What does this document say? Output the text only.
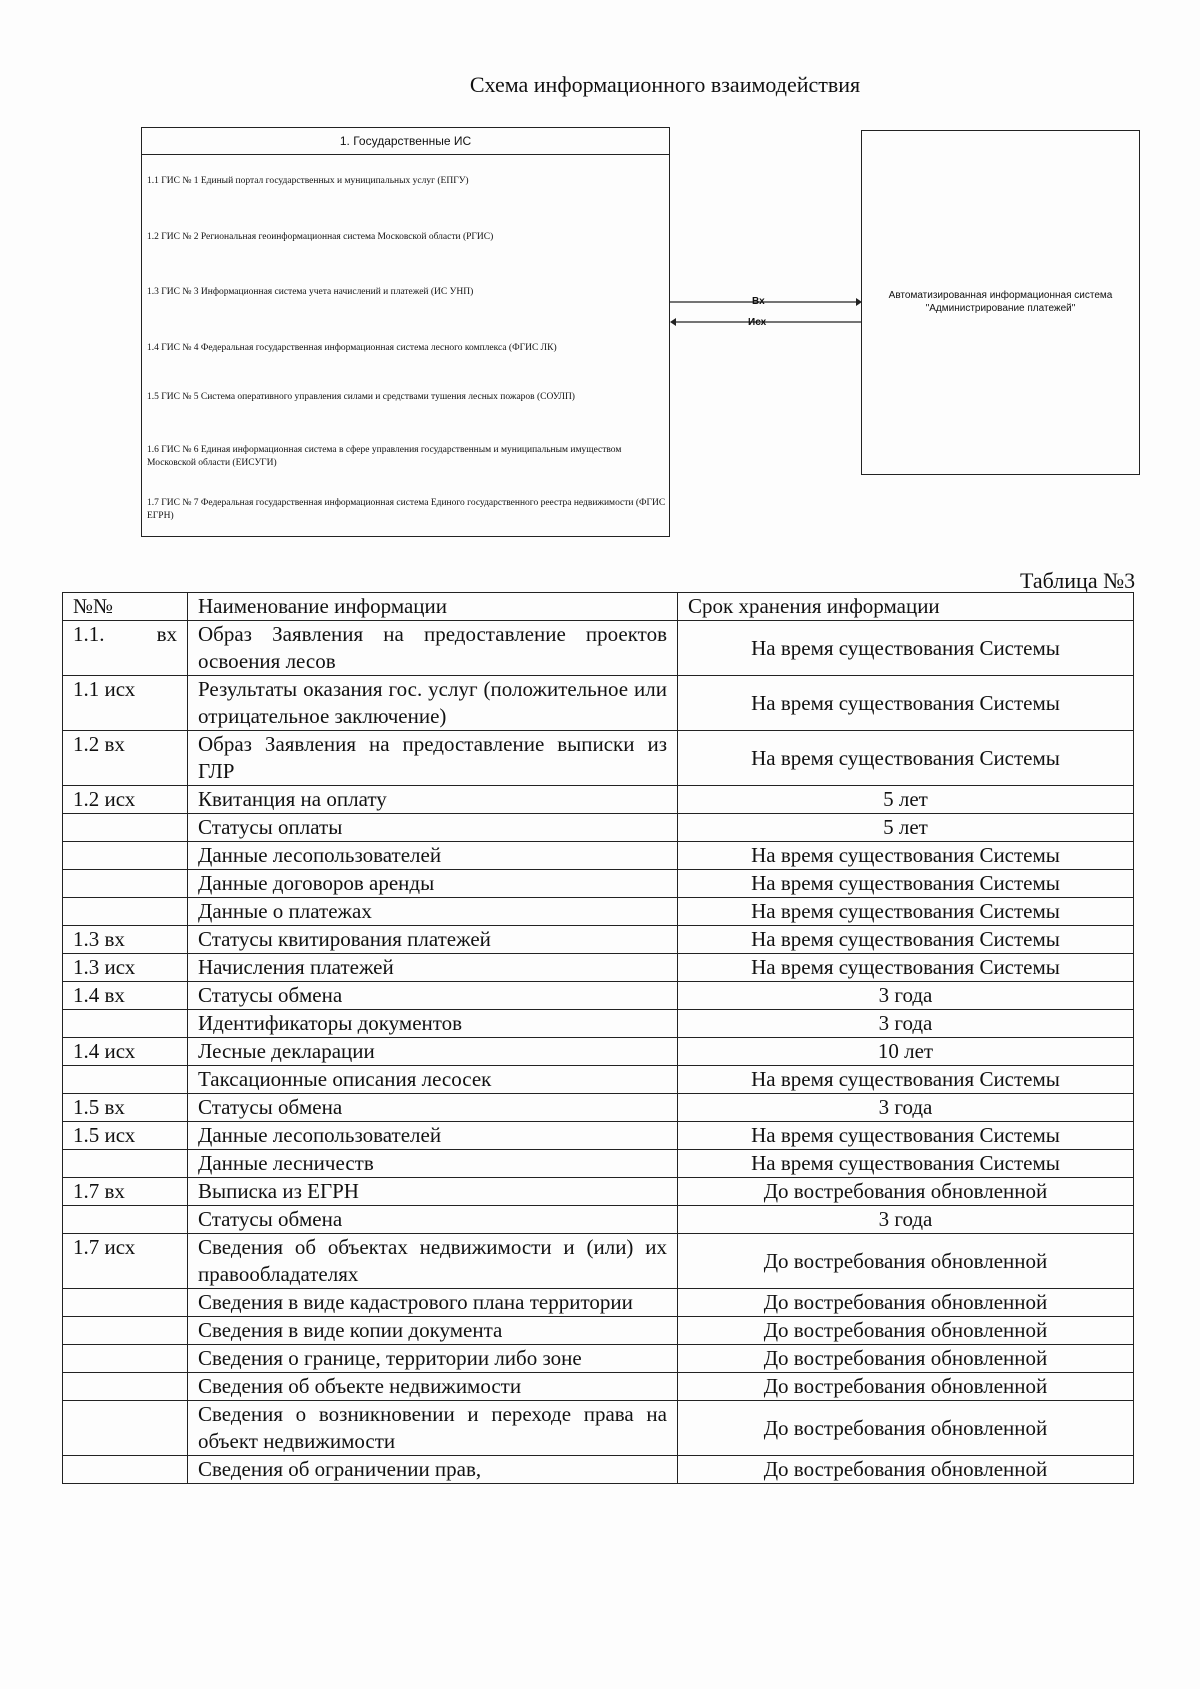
Схема информационного взаимодействия
1. Государственные ИС
1.1 ГИС № 1 Единый портал государственных и муниципальных услуг (ЕПГУ)
1.2 ГИС № 2 Региональная геоинформационная система Московской области (РГИС)
1.3 ГИС № 3 Информационная система учета начислений и платежей (ИС УНП)
1.4 ГИС № 4 Федеральная государственная информационная система лесного комплекса (ФГИС ЛК)
1.5 ГИС № 5 Система оперативного управления силами и средствами тушения лесных пожаров (СОУЛП)
1.6 ГИС № 6 Единая информационная система в сфере управления государственным и муниципальным имуществом Московской области (ЕИСУГИ)
1.7 ГИС № 7 Федеральная государственная информационная система Единого государственного реестра недвижимости (ФГИС ЕГРН)
Вх
Исх
Автоматизированная информационная система
"Администрирование платежей"
Таблица №3
№№	Наименование информации	Срок хранения информации

1.1. вх	Образ Заявления на предоставление проектов освоения лесов	На время существования Системы
1.1 исх	Результаты оказания гос. услуг (положительное или отрицательное заключение)	На время существования Системы
1.2 вх	Образ Заявления на предоставление выписки из ГЛР	На время существования Системы
1.2 исх	Квитанция на оплату	5 лет
	Статусы оплаты	5 лет
	Данные лесопользователей	На время существования Системы
	Данные договоров аренды	На время существования Системы
	Данные о платежах	На время существования Системы
1.3 вх	Статусы квитирования платежей	На время существования Системы
1.3 исх	Начисления платежей	На время существования Системы
1.4 вх	Статусы обмена	3 года
	Идентификаторы документов	3 года
1.4 исх	Лесные декларации	10 лет
	Таксационные описания лесосек	На время существования Системы
1.5 вх	Статусы обмена	3 года
1.5 исх	Данные лесопользователей	На время существования Системы
	Данные лесничеств	На время существования Системы
1.7 вх	Выписка из ЕГРН	До востребования обновленной
	Статусы обмена	3 года
1.7 исх	Сведения об объектах недвижимости и (или) их правообладателях	До востребования обновленной
	Сведения в виде кадастрового плана территории	До востребования обновленной
	Сведения в виде копии документа	До востребования обновленной
	Сведения о границе, территории либо зоне	До востребования обновленной
	Сведения об объекте недвижимости	До востребования обновленной
	Сведения о возникновении и переходе права на объект недвижимости	До востребования обновленной
	Сведения об ограничении прав,	До востребования обновленной
